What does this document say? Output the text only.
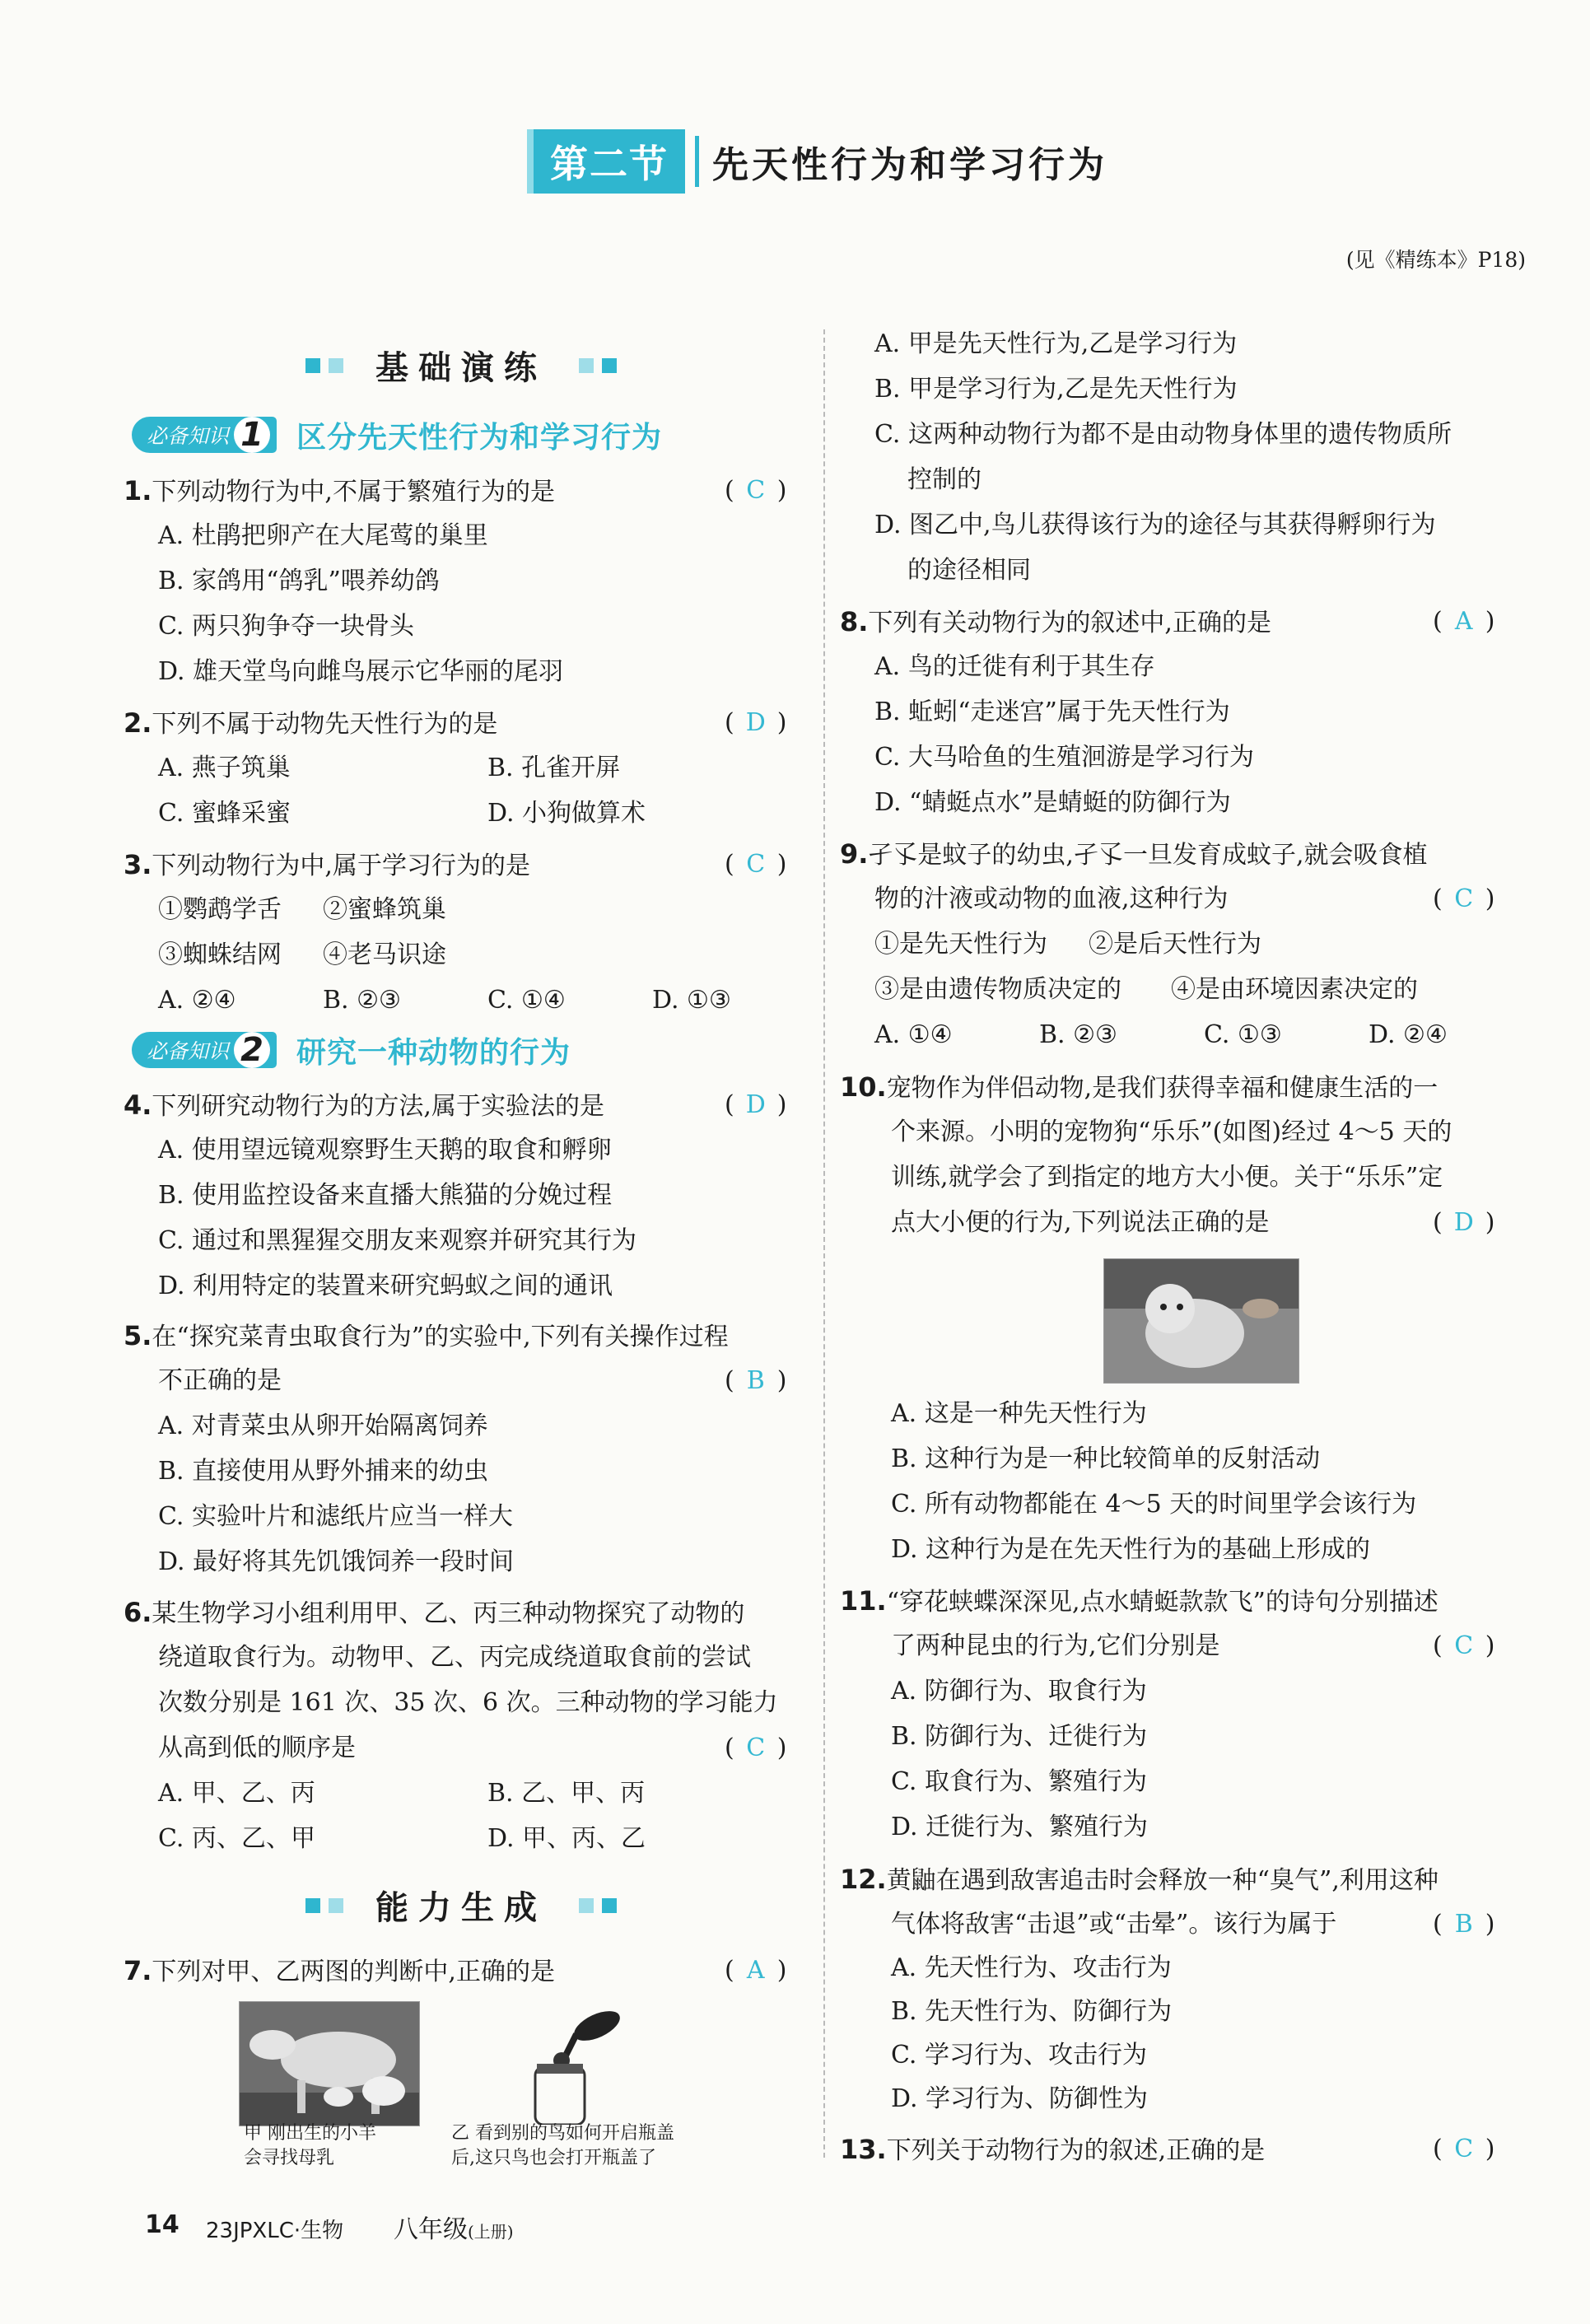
第二节	先天性行为和学习行为
(见《精练本》P18)
基础演练
必备知识 1 区分先天性行为和学习行为
1.下列动物行为中,不属于繁殖行为的是	( C )
A. 杜鹃把卵产在大尾莺的巢里
B. 家鸽用“鸽乳”喂养幼鸽
C. 两只狗争夺一块骨头
D. 雄天堂鸟向雌鸟展示它华丽的尾羽
2.下列不属于动物先天性行为的是	( D )
A. 燕子筑巢	B. 孔雀开屏
C. 蜜蜂采蜜	D. 小狗做算术
3.下列动物行为中,属于学习行为的是	( C )
①鹦鹉学舌 ②蜜蜂筑巢
③蜘蛛结网 ④老马识途
A. ②④	B. ②③	C. ①④	D. ①③
必备知识 2 研究一种动物的行为
4.下列研究动物行为的方法,属于实验法的是	( D )
A. 使用望远镜观察野生天鹅的取食和孵卵
B. 使用监控设备来直播大熊猫的分娩过程
C. 通过和黑猩猩交朋友来观察并研究其行为
D. 利用特定的装置来研究蚂蚁之间的通讯
5.在“探究菜青虫取食行为”的实验中,下列有关操作过程
不正确的是	( B )
A. 对青菜虫从卵开始隔离饲养
B. 直接使用从野外捕来的幼虫
C. 实验叶片和滤纸片应当一样大
D. 最好将其先饥饿饲养一段时间
6.某生物学习小组利用甲、乙、丙三种动物探究了动物的
绕道取食行为。动物甲、乙、丙完成绕道取食前的尝试
次数分别是 161 次、35 次、6 次。三种动物的学习能力
从高到低的顺序是	( C )
A. 甲、乙、丙	B. 乙、甲、丙
C. 丙、乙、甲	D. 甲、丙、乙
能力生成
7.下列对甲、乙两图的判断中,正确的是	( A )
甲 刚出生的小羊
会寻找母乳
乙 看到别的鸟如何开启瓶盖
后,这只鸟也会打开瓶盖了
A. 甲是先天性行为,乙是学习行为
B. 甲是学习行为,乙是先天性行为
C. 这两种动物行为都不是由动物身体里的遗传物质所
控制的
D. 图乙中,鸟儿获得该行为的途径与其获得孵卵行为
的途径相同
8.下列有关动物行为的叙述中,正确的是	( A )
A. 鸟的迁徙有利于其生存
B. 蚯蚓“走迷宫”属于先天性行为
C. 大马哈鱼的生殖洄游是学习行为
D. “蜻蜓点水”是蜻蜓的防御行为
9.孑孓是蚊子的幼虫,孑孓一旦发育成蚊子,就会吸食植
物的汁液或动物的血液,这种行为	( C )
①是先天性行为 ②是后天性行为
③是由遗传物质决定的 ④是由环境因素决定的
A. ①④	B. ②③	C. ①③	D. ②④
10.宠物作为伴侣动物,是我们获得幸福和健康生活的一
个来源。小明的宠物狗“乐乐”(如图)经过 4～5 天的
训练,就学会了到指定的地方大小便。关于“乐乐”定
点大小便的行为,下列说法正确的是	( D )
A. 这是一种先天性行为
B. 这种行为是一种比较简单的反射活动
C. 所有动物都能在 4～5 天的时间里学会该行为
D. 这种行为是在先天性行为的基础上形成的
11.“穿花蛱蝶深深见,点水蜻蜓款款飞”的诗句分别描述
了两种昆虫的行为,它们分别是	( C )
A. 防御行为、取食行为
B. 防御行为、迁徙行为
C. 取食行为、繁殖行为
D. 迁徙行为、繁殖行为
12.黄鼬在遇到敌害追击时会释放一种“臭气”,利用这种
气体将敌害“击退”或“击晕”。该行为属于	( B )
A. 先天性行为、攻击行为
B. 先天性行为、防御行为
C. 学习行为、攻击行为
D. 学习行为、防御性为
13.下列关于动物行为的叙述,正确的是	( C )
14 23JPXLC·生物 八年级(上册)
